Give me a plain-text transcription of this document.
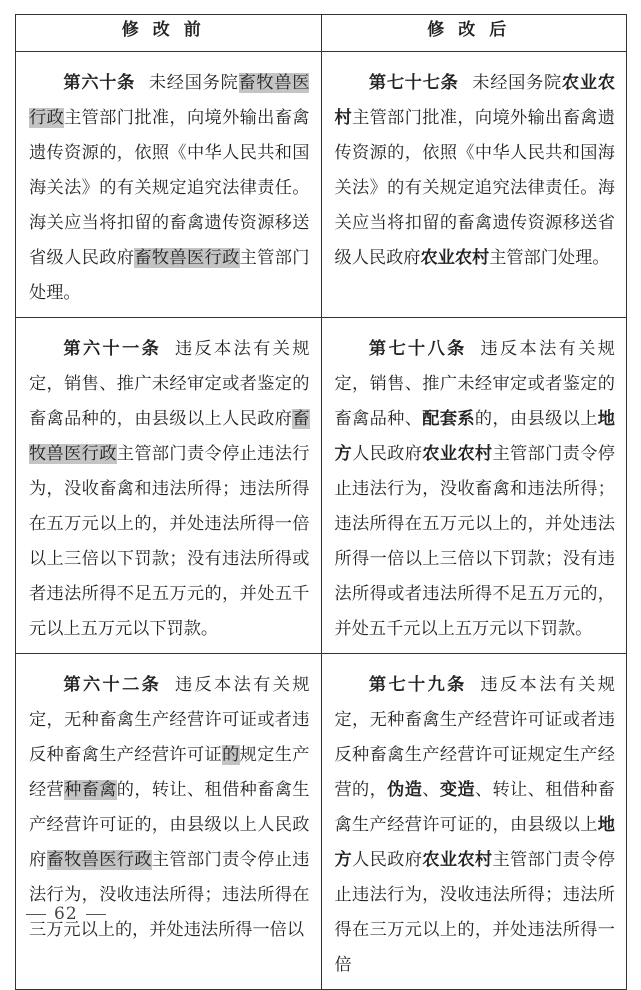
修改前	修改后

第六十条 未经国务院畜牧兽医行政主管部门批准，向境外输出畜禽遗传资源的，依照《中华人民共和国海关法》的有关规定追究法律责任。海关应当将扣留的畜禽遗传资源移送省级人民政府畜牧兽医行政主管部门处理。	第七十七条 未经国务院农业农村主管部门批准，向境外输出畜禽遗传资源的，依照《中华人民共和国海关法》的有关规定追究法律责任。海关应当将扣留的畜禽遗传资源移送省级人民政府农业农村主管部门处理。

第六十一条 违反本法有关规定，销售、推广未经审定或者鉴定的畜禽品种的，由县级以上人民政府畜牧兽医行政主管部门责令停止违法行为，没收畜禽和违法所得；违法所得在五万元以上的，并处违法所得一倍以上三倍以下罚款；没有违法所得或者违法所得不足五万元的，并处五千元以上五万元以下罚款。	第七十八条 违反本法有关规定，销售、推广未经审定或者鉴定的畜禽品种、配套系的，由县级以上地方人民政府农业农村主管部门责令停止违法行为，没收畜禽和违法所得；违法所得在五万元以上的，并处违法所得一倍以上三倍以下罚款；没有违法所得或者违法所得不足五万元的，并处五千元以上五万元以下罚款。

第六十二条 违反本法有关规定，无种畜禽生产经营许可证或者违反种畜禽生产经营许可证的规定生产经营种畜禽的，转让、租借种畜禽生产经营许可证的，由县级以上人民政府畜牧兽医行政主管部门责令停止违法行为，没收违法所得；违法所得在三万元以上的，并处违法所得一倍以	第七十九条 违反本法有关规定，无种畜禽生产经营许可证或者违反种畜禽生产经营许可证规定生产经营的，伪造、变造、转让、租借种畜禽生产经营许可证的，由县级以上地方人民政府农业农村主管部门责令停止违法行为，没收违法所得；违法所得在三万元以上的，并处违法所得一倍

62
